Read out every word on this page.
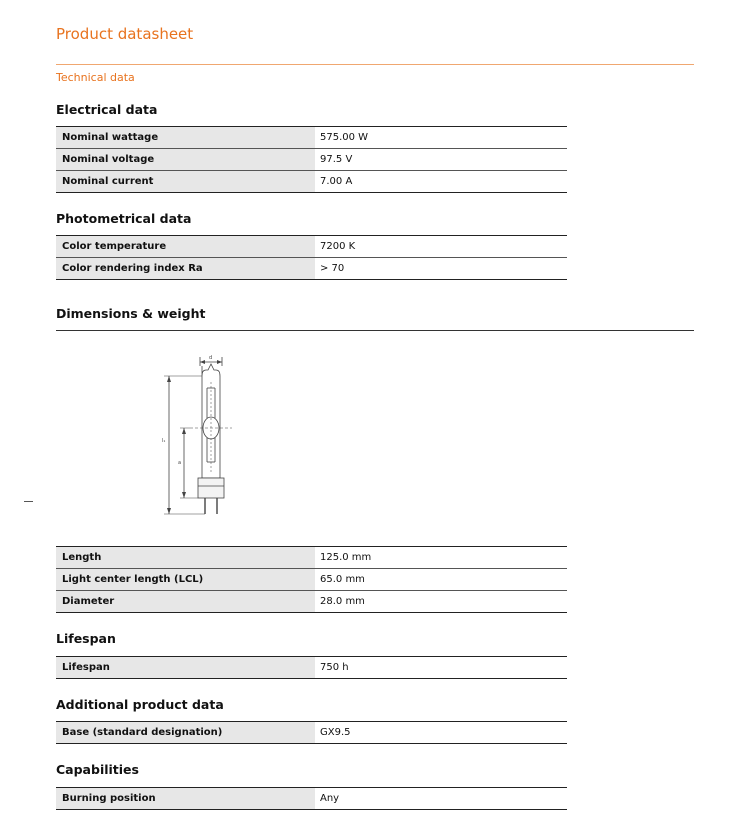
Product datasheet
Technical data
Electrical data
Nominal wattage	575.00 W
Nominal voltage	97.5 V
Nominal current	7.00 A
Photometrical data
Color temperature	7200 K
Color rendering index Ra	> 70
Dimensions & weight
d
l₁
a
Length	125.0 mm
Light center length (LCL)	65.0 mm
Diameter	28.0 mm
Lifespan
Lifespan	750 h
Additional product data
Base (standard designation)	GX9.5
Capabilities
Burning position	Any
